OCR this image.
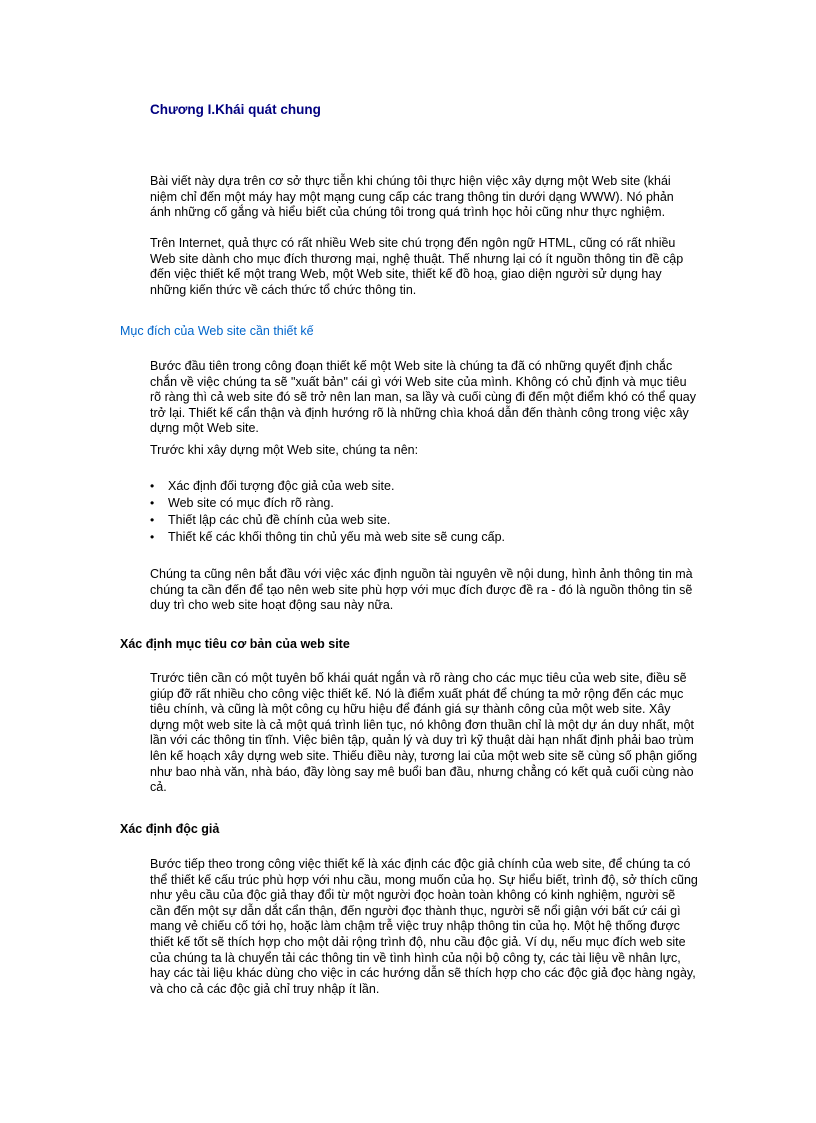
Chương I.Khái quát chung

Bài viết này dựa trên cơ sở thực tiễn khi chúng tôi thực hiện việc xây dựng một Web site (khái niệm chỉ đến một máy hay một mạng cung cấp các trang thông tin dưới dạng WWW). Nó phản ánh những cố gắng và hiểu biết của chúng tôi trong quá trình học hỏi cũng như thực nghiệm.

Trên Internet, quả thực có rất nhiều Web site chú trọng đến ngôn ngữ HTML, cũng có rất nhiều Web site dành cho mục đích thương mại, nghệ thuật. Thế nhưng lại có ít nguồn thông tin đề cập đến việc thiết kế một trang Web, một Web site, thiết kế đồ hoạ, giao diện người sử dụng hay những kiến thức về cách thức tổ chức thông tin.

Mục đích của Web site cần thiết kế

Bước đầu tiên trong công đoạn thiết kế một Web site là chúng ta đã có những quyết định chắc chắn về việc chúng ta sẽ "xuất bản" cái gì với Web site của mình. Không có chủ định và mục tiêu rõ ràng thì cả web site đó sẽ trở nên lan man, sa lầy và cuối cùng đi đến một điểm khó có thể quay trở lại. Thiết kế cẩn thận và định hướng rõ là những chìa khoá dẫn đến thành công trong việc xây dựng một Web site.

Trước khi xây dựng một Web site, chúng ta nên:

• Xác định đối tượng độc giả của web site.
• Web site có mục đích rõ ràng.
• Thiết lập các chủ đề chính của web site.
• Thiết kế các khối thông tin chủ yếu mà web site sẽ cung cấp.

Chúng ta cũng nên bắt đầu với việc xác định nguồn tài nguyên về nội dung, hình ảnh thông tin mà chúng ta cần đến để tạo nên web site phù hợp với mục đích được đề ra - đó là nguồn thông tin sẽ duy trì cho web site hoạt động sau này nữa.

Xác định mục tiêu cơ bản của web site

Trước tiên cần có một tuyên bố khái quát ngắn và rõ ràng cho các mục tiêu của web site, điều sẽ giúp đỡ rất nhiều cho công việc thiết kế. Nó là điểm xuất phát để chúng ta mở rộng đến các mục tiêu chính, và cũng là một công cụ hữu hiệu để đánh giá sự thành công của một web site. Xây dựng một web site là cả một quá trình liên tục, nó không đơn thuần chỉ là một dự án duy nhất, một lần với các thông tin tĩnh. Việc biên tập, quản lý và duy trì kỹ thuật dài hạn nhất định phải bao trùm lên kế hoạch xây dựng web site. Thiếu điều này, tương lai của một web site sẽ cùng số phận giống như bao nhà văn, nhà báo, đầy lòng say mê buổi ban đầu, nhưng chẳng có kết quả cuối cùng nào cả.

Xác định độc giả

Bước tiếp theo trong công việc thiết kế là xác định các độc giả chính của web site, để chúng ta có thể thiết kế cấu trúc phù hợp với nhu cầu, mong muốn của họ. Sự hiểu biết, trình độ, sở thích cũng như yêu cầu của độc giả thay đổi từ một người đọc hoàn toàn không có kinh nghiệm, người sẽ cần đến một sự dẫn dắt cẩn thận, đến người đọc thành thục, người sẽ nổi giận với bất cứ cái gì mang vẻ chiếu cố tới họ, hoặc làm chậm trễ việc truy nhập thông tin của họ. Một hệ thống được thiết kế tốt sẽ thích hợp cho một dải rộng trình độ, nhu cầu độc giả. Ví dụ, nếu mục đích web site của chúng ta là chuyển tải các thông tin về tình hình của nội bộ công ty, các tài liệu về nhân lực, hay các tài liệu khác dùng cho việc in các hướng dẫn sẽ thích hợp cho các độc giả đọc hàng ngày, và cho cả các độc giả chỉ truy nhập ít lần.
